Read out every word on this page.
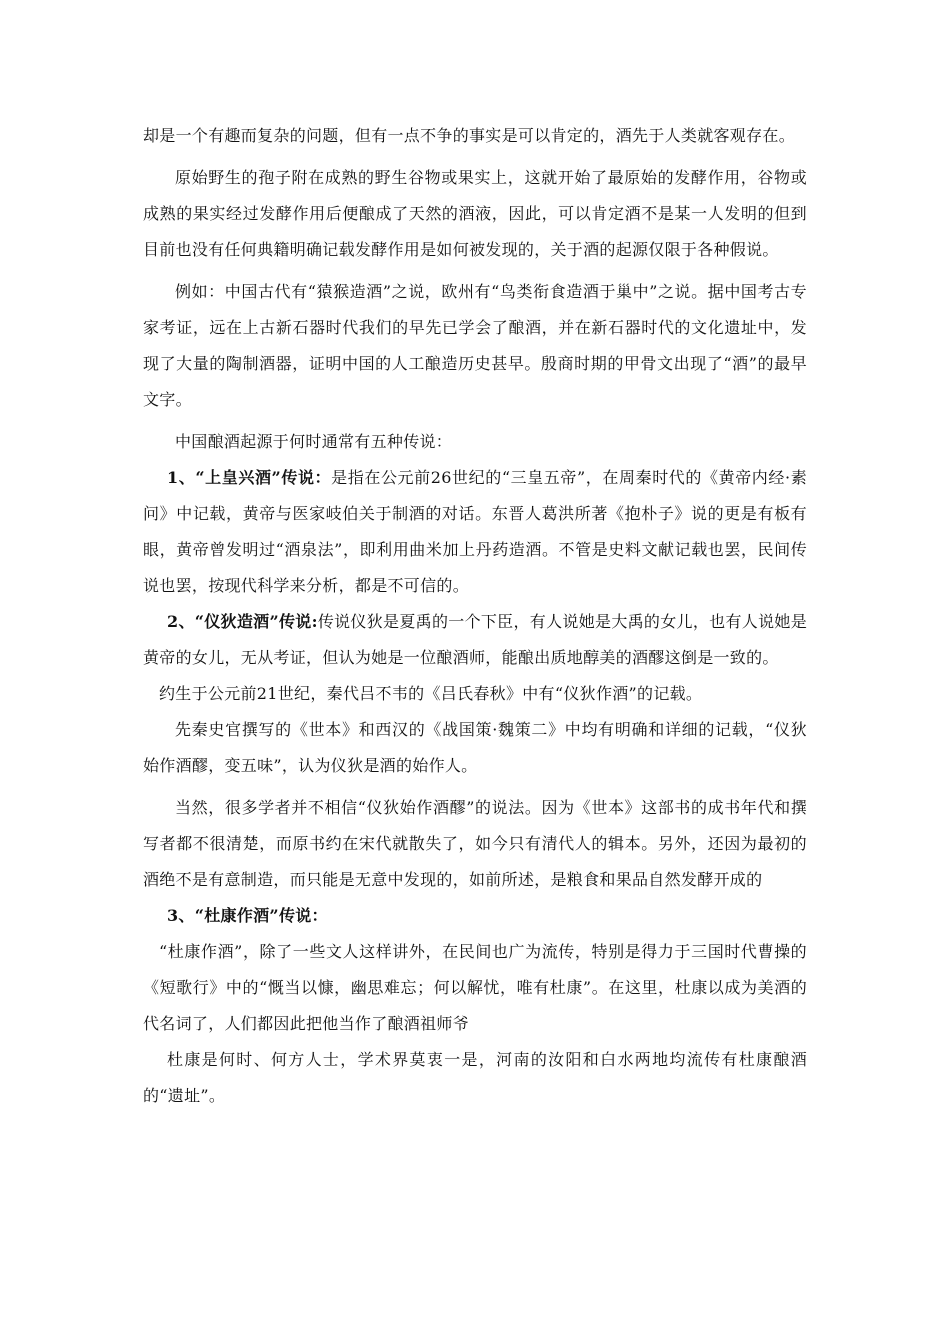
却是一个有趣而复杂的问题，但有一点不争的事实是可以肯定的，酒先于人类就客观存在。

原始野生的孢子附在成熟的野生谷物或果实上，这就开始了最原始的发酵作用，谷物或成熟的果实经过发酵作用后便酿成了天然的酒液，因此，可以肯定酒不是某一人发明的但到目前也没有任何典籍明确记载发酵作用是如何被发现的，关于酒的起源仅限于各种假说。

例如：中国古代有“猿猴造酒”之说，欧州有“鸟类衔食造酒于巢中”之说。据中国考古专家考证，远在上古新石器时代我们的早先已学会了酿酒，并在新石器时代的文化遗址中，发现了大量的陶制酒器，证明中国的人工酿造历史甚早。殷商时期的甲骨文出现了“酒”的最早文字。

中国酿酒起源于何时通常有五种传说：

1、“上皇兴酒”传说：是指在公元前26世纪的“三皇五帝”，在周秦时代的《黄帝内经·素问》中记载，黄帝与医家岐伯关于制酒的对话。东晋人葛洪所著《抱朴子》说的更是有板有眼，黄帝曾发明过“酒泉法”，即利用曲米加上丹药造酒。不管是史料文献记载也罢，民间传说也罢，按现代科学来分析，都是不可信的。

2、“仪狄造酒”传说:传说仪狄是夏禹的一个下臣，有人说她是大禹的女儿，也有人说她是黄帝的女儿，无从考证，但认为她是一位酿酒师，能酿出质地醇美的酒醪这倒是一致的。

约生于公元前21世纪，秦代吕不韦的《吕氏春秋》中有“仪狄作酒”的记载。

先秦史官撰写的《世本》和西汉的《战国策·魏策二》中均有明确和详细的记载，“仪狄始作酒醪，变五味”，认为仪狄是酒的始作人。

当然，很多学者并不相信“仪狄始作酒醪”的说法。因为《世本》这部书的成书年代和撰写者都不很清楚，而原书约在宋代就散失了，如今只有清代人的辑本。另外，还因为最初的酒绝不是有意制造，而只能是无意中发现的，如前所述，是粮食和果品自然发酵开成的

3、“杜康作酒”传说：

“杜康作酒”，除了一些文人这样讲外，在民间也广为流传，特别是得力于三国时代曹操的《短歌行》中的“慨当以慷，幽思难忘；何以解忧，唯有杜康”。在这里，杜康以成为美酒的代名词了，人们都因此把他当作了酿酒祖师爷

杜康是何时、何方人士，学术界莫衷一是，河南的汝阳和白水两地均流传有杜康酿酒的“遗址”。
